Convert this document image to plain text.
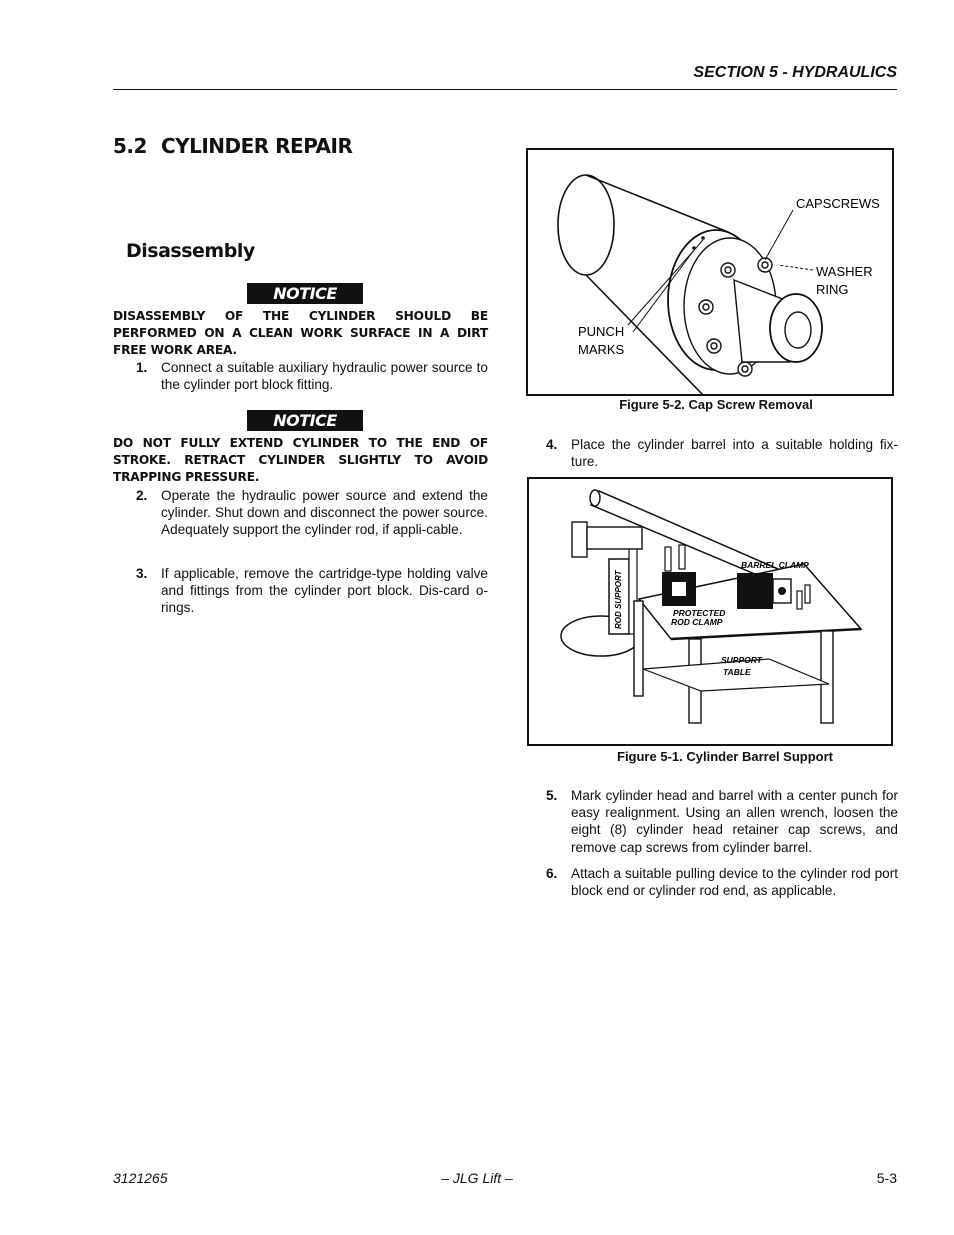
SECTION 5 - HYDRAULICS
5.2 CYLINDER REPAIR
Disassembly
NOTICE
DISASSEMBLY OF THE CYLINDER SHOULD BE PERFORMED ON A CLEAN WORK SURFACE IN A DIRT FREE WORK AREA.
1. Connect a suitable auxiliary hydraulic power source to the cylinder port block fitting.
NOTICE
DO NOT FULLY EXTEND CYLINDER TO THE END OF STROKE. RETRACT CYLINDER SLIGHTLY TO AVOID TRAPPING PRESSURE.
2. Operate the hydraulic power source and extend the cylinder. Shut down and disconnect the power source. Adequately support the cylinder rod, if appli-cable.
3. If applicable, remove the cartridge-type holding valve and fittings from the cylinder port block. Dis-card o-rings.
CAPSCREWS
WASHER
RING
PUNCH
MARKS
Figure 5-2. Cap Screw Removal
4. Place the cylinder barrel into a suitable holding fix-ture.
ROD SUPPORT
BARREL CLAMP
PROTECTED
ROD CLAMP
SUPPORT
TABLE
Figure 5-1. Cylinder Barrel Support
5. Mark cylinder head and barrel with a center punch for easy realignment. Using an allen wrench, loosen the eight (8) cylinder head retainer cap screws, and remove cap screws from cylinder barrel.
6. Attach a suitable pulling device to the cylinder rod port block end or cylinder rod end, as applicable.
3121265	– JLG Lift –	5-3
